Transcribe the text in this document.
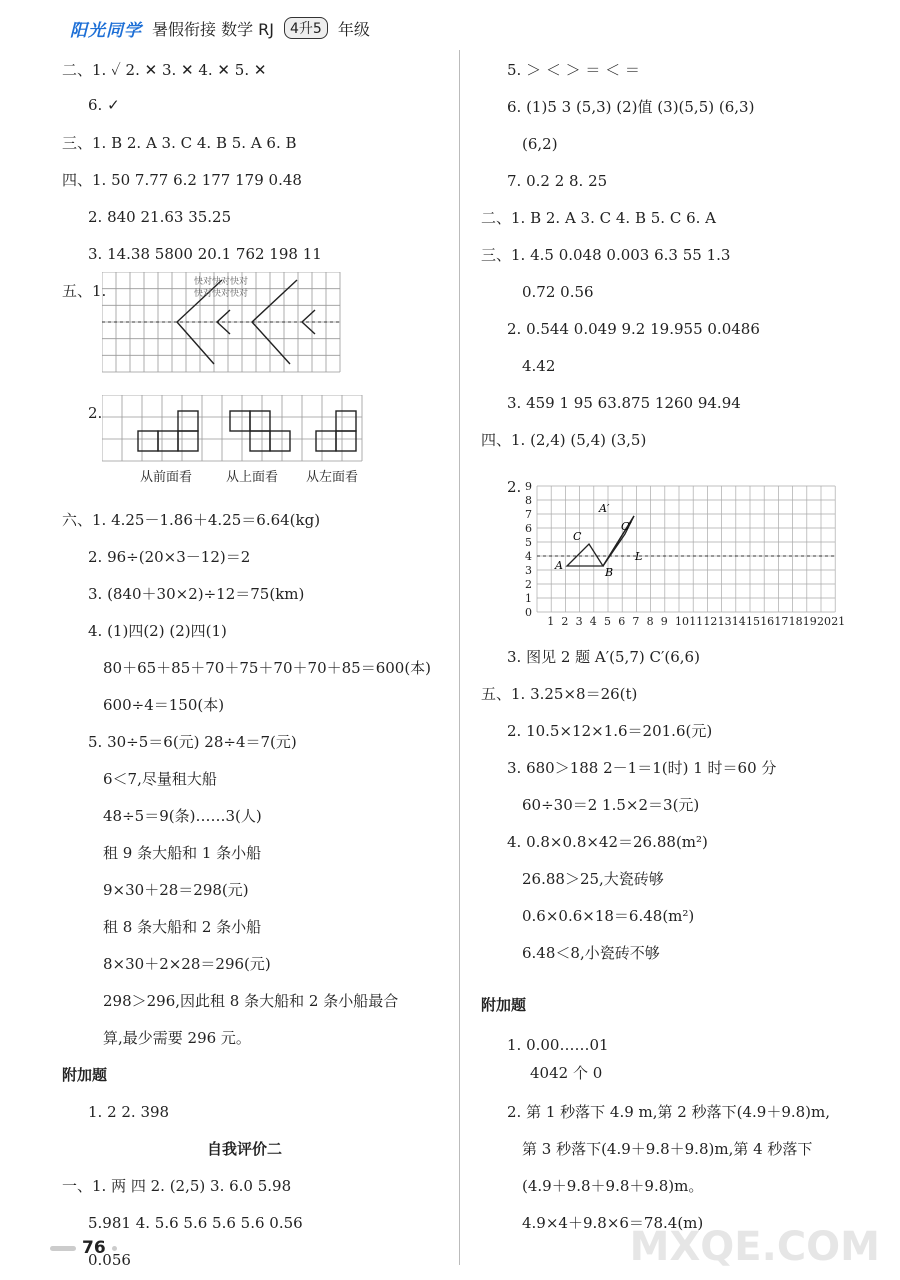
阳光同学 暑假衔接 数学 RJ	4升5	年级
二、1. ✓ 2. ✕ 3. ✕ 4. ✕ 5. ✕
6. ✓
三、1. B 2. A 3. C 4. B 5. A 6. B
四、1. 50 7.77 6.2 177 179 0.48
2. 840 21.63 35.25
3. 14.38 5800 20.1 762 198 11
五、1.
2.
六、1. 4.25－1.86＋4.25＝6.64(kg)
2. 96÷(20×3－12)＝2
3. (840＋30×2)÷12＝75(km)
4. (1)四(2) (2)四(1)
80＋65＋85＋70＋75＋70＋70＋85＝600(本)
600÷4＝150(本)
5. 30÷5＝6(元) 28÷4＝7(元)
6＜7,尽量租大船
48÷5＝9(条)……3(人)
租 9 条大船和 1 条小船
9×30＋28＝298(元)
租 8 条大船和 2 条小船
8×30＋2×28＝296(元)
298＞296,因此租 8 条大船和 2 条小船最合
算,最少需要 296 元。
附加题
1. 2 2. 398
自我评价二
一、1. 两 四 2. (2,5) 3. 6.0 5.98
5.981 4. 5.6 5.6 5.6 5.6 0.56
0.056
5. ＞ ＜ ＞ ＝ ＜ ＝
6. (1)5 3 (5,3) (2)值 (3)(5,5) (6,3)
(6,2)
7. 0.2 2 8. 25
二、1. B 2. A 3. C 4. B 5. C 6. A
三、1. 4.5 0.048 0.003 6.3 55 1.3
0.72 0.56
2. 0.544 0.049 9.2 19.955 0.0486
4.42
3. 459 1 95 63.875 1260 94.94
四、1. (2,4) (5,4) (3,5)
2.
3. 图见 2 题 A′(5,7) C′(6,6)
五、1. 3.25×8＝26(t)
2. 10.5×12×1.6＝201.6(元)
3. 680＞188 2－1＝1(时) 1 时＝60 分
60÷30＝2 1.5×2＝3(元)
4. 0.8×0.8×42＝26.88(m²)
26.88＞25,大瓷砖够
0.6×0.6×18＝6.48(m²)
6.48＜8,小瓷砖不够
附加题
1. 0.00……01
4042 个 0
2. 第 1 秒落下 4.9 m,第 2 秒落下(4.9＋9.8)m,
第 3 秒落下(4.9＋9.8＋9.8)m,第 4 秒落下
(4.9＋9.8＋9.8＋9.8)m。
4.9×4＋9.8×6＝78.4(m)
快对快对快对
快对快对快对
从前面看	从上面看 从左面看
1 2 3 4 5 6 7 8 9 10 11 12 13 14 15 16 17 18 19 20 21
0
1
2
3
4
5
6
7
8
9
A
C
B
A′
C′
L
76	MXQE.COM
